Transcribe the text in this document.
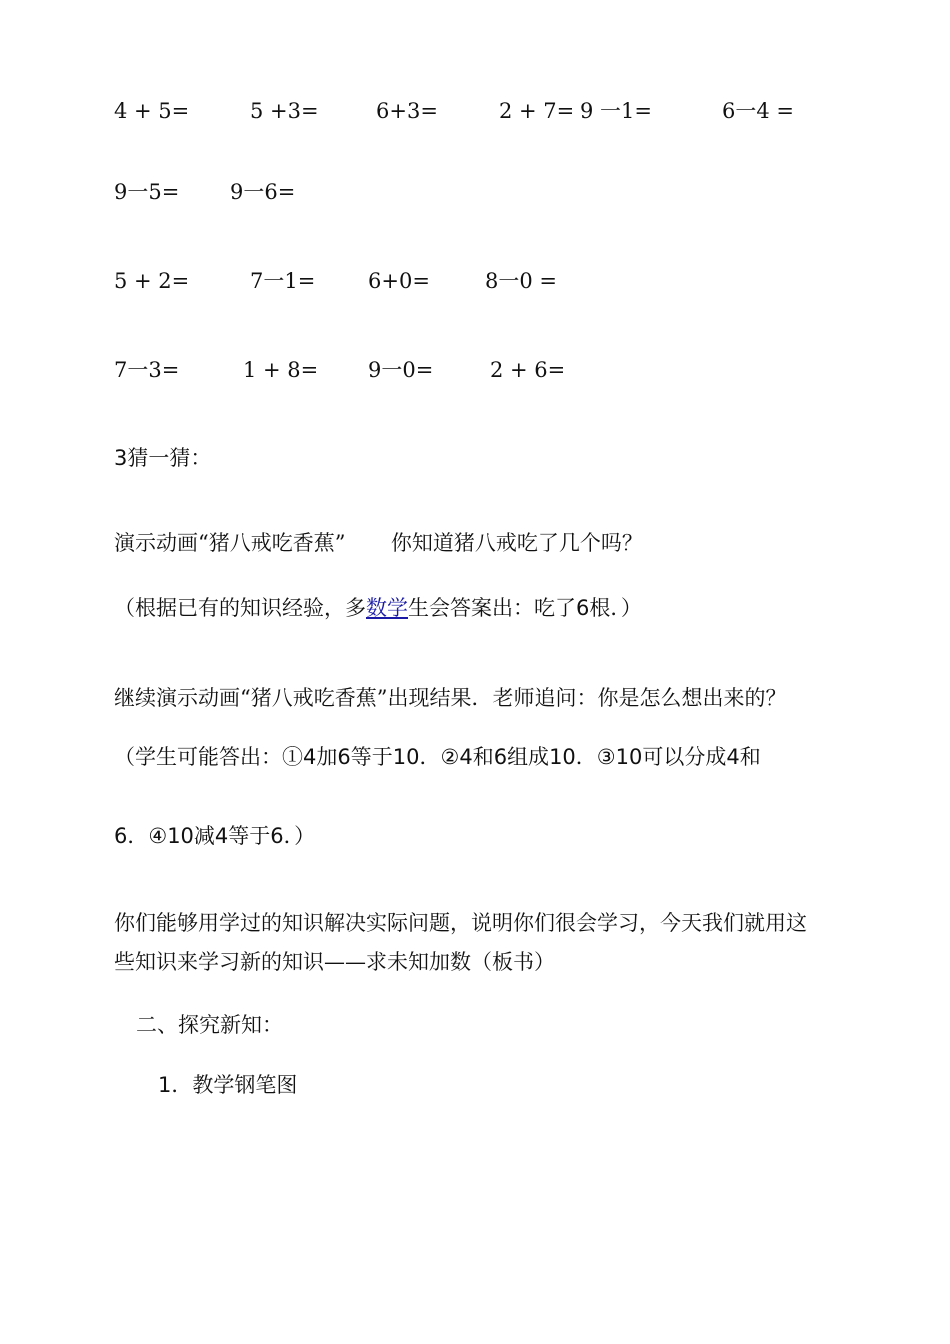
4 + 5=	5 +3=	6+3=	2 + 7= 9 一1=	6一4 =
9一5= 9一6=
5 + 2=	7一1=	6+0=	8一0 =
7一3=	1 + 8= 9一0=	2 + 6=
3猜一猜：
演示动画“猪八戒吃香蕉” 你知道猪八戒吃了几个吗？
（根据已有的知识经验，多数学生会答案出：吃了6根．）
继续演示动画“猪八戒吃香蕉”出现结果．老师追问：你是怎么想出来的？
（学生可能答出：①4加6等于10．②4和6组成10．③10可以分成4和
6．④10减4等于6．）
你们能够用学过的知识解决实际问题，说明你们很会学习，今天我们就用这
些知识来学习新的知识——求未知加数（板书）
二、探究新知：
1．教学钢笔图
